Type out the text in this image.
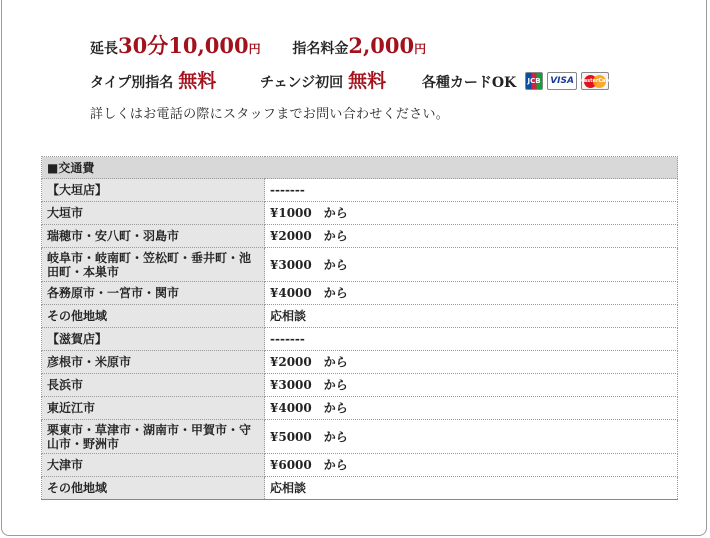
延長30分10,000円 指名料金2,000円
タイプ別指名 無料	チェンジ初回 無料	各種カードOK JCB VISA MasterCard
詳しくはお電話の際にスタッフまでお問い合わせください。
■交通費	
【大垣店】	-------
大垣市	¥1000　から
瑞穂市・安八町・羽島市	¥2000　から
岐阜市・岐南町・笠松町・垂井町・池田町・本巣市	¥3000　から
各務原市・一宮市・関市	¥4000　から
その他地域	応相談
【滋賀店】	-------
彦根市・米原市	¥2000　から
長浜市	¥3000　から
東近江市	¥4000　から
栗東市・草津市・湖南市・甲賀市・守山市・野洲市	¥5000　から
大津市	¥6000　から
その他地域	応相談
